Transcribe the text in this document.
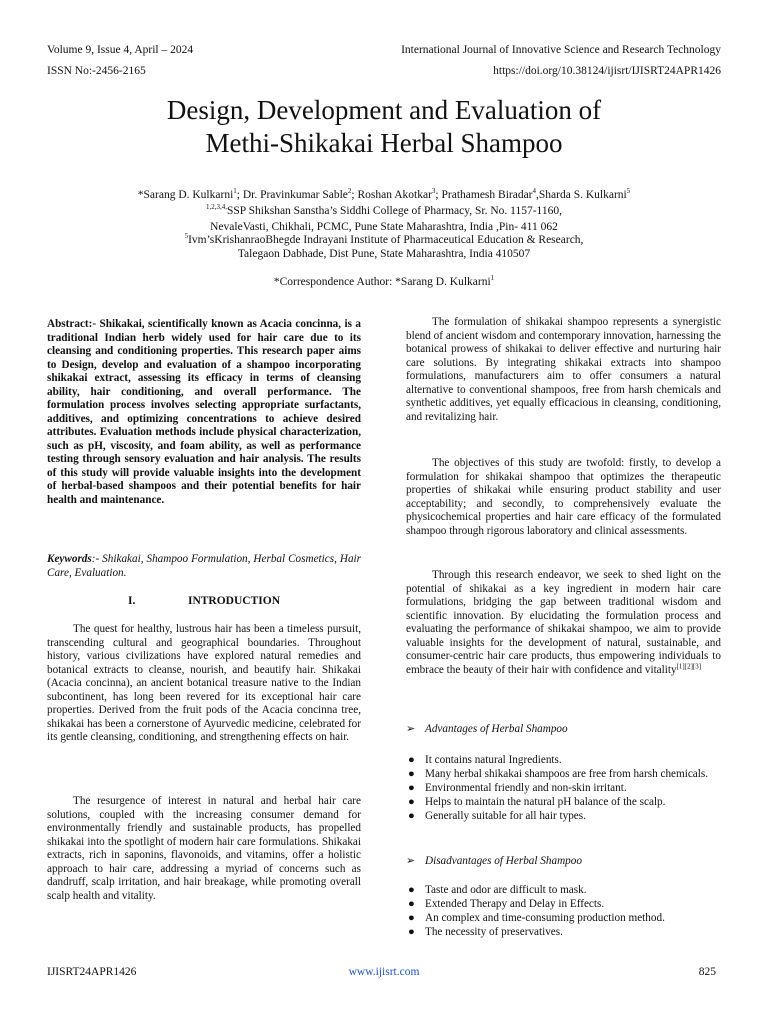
Volume 9, Issue 4, April – 2024	International Journal of Innovative Science and Research Technology
ISSN No:-2456-2165	https://doi.org/10.38124/ijisrt/IJISRT24APR1426
Design, Development and Evaluation of
Methi-Shikakai Herbal Shampoo
*Sarang D. Kulkarni$^1$; Dr. Pravinkumar Sable$^2$; Roshan Akotkar$^3$; Prathamesh Biradar$^4$,Sharda S. Kulkarni$^5$
$^{1,2,3,4,}$SSP Shikshan Sanstha’s Siddhi College of Pharmacy, Sr. No. 1157-1160,
NevaleVasti, Chikhali, PCMC, Pune State Maharashtra, India ,Pin- 411 062
$^5$Ivm’sKrishanraoBhegde Indrayani Institute of Pharmaceutical Education & Research,
Talegaon Dabhade, Dist Pune, State Maharashtra, India 410507
*Correspondence Author: *Sarang D. Kulkarni$^1$
Abstract:- Shikakai, scientifically known as Acacia concinna, is a traditional Indian herb widely used for hair care due to its cleansing and conditioning properties. This research paper aims to Design, develop and evaluation of a shampoo incorporating shikakai extract, assessing its efficacy in terms of cleansing ability, hair conditioning, and overall performance. The formulation process involves selecting appropriate surfactants, additives, and optimizing concentrations to achieve desired attributes. Evaluation methods include physical characterization, such as pH, viscosity, and foam ability, as well as performance testing through sensory evaluation and hair analysis. The results of this study will provide valuable insights into the development of herbal-based shampoos and their potential benefits for hair health and maintenance.
Keywords:- Shikakai, Shampoo Formulation, Herbal Cosmetics, Hair Care, Evaluation.
I.	INTRODUCTION

The quest for healthy, lustrous hair has been a timeless pursuit, transcending cultural and geographical boundaries. Throughout history, various civilizations have explored natural remedies and botanical extracts to cleanse, nourish, and beautify hair. Shikakai (Acacia concinna), an ancient botanical treasure native to the Indian subcontinent, has long been revered for its exceptional hair care properties. Derived from the fruit pods of the Acacia concinna tree, shikakai has been a cornerstone of Ayurvedic medicine, celebrated for its gentle cleansing, conditioning, and strengthening effects on hair.

The resurgence of interest in natural and herbal hair care solutions, coupled with the increasing consumer demand for environmentally friendly and sustainable products, has propelled shikakai into the spotlight of modern hair care formulations. Shikakai extracts, rich in saponins, flavonoids, and vitamins, offer a holistic approach to hair care, addressing a myriad of concerns such as dandruff, scalp irritation, and hair breakage, while promoting overall scalp health and vitality.

The formulation of shikakai shampoo represents a synergistic blend of ancient wisdom and contemporary innovation, harnessing the botanical prowess of shikakai to deliver effective and nurturing hair care solutions. By integrating shikakai extracts into shampoo formulations, manufacturers aim to offer consumers a natural alternative to conventional shampoos, free from harsh chemicals and synthetic additives, yet equally efficacious in cleansing, conditioning, and revitalizing hair.

The objectives of this study are twofold: firstly, to develop a formulation for shikakai shampoo that optimizes the therapeutic properties of shikakai while ensuring product stability and user acceptability; and secondly, to comprehensively evaluate the physicochemical properties and hair care efficacy of the formulated shampoo through rigorous laboratory and clinical assessments.

Through this research endeavor, we seek to shed light on the potential of shikakai as a key ingredient in modern hair care formulations, bridging the gap between traditional wisdom and scientific innovation. By elucidating the formulation process and evaluating the performance of shikakai shampoo, we aim to provide valuable insights for the development of natural, sustainable, and consumer-centric hair care products, thus empowering individuals to embrace the beauty of their hair with confidence and vitality[1][2][3]

➢ Advantages of Herbal Shampoo
● It contains natural Ingredients.
● Many herbal shikakai shampoos are free from harsh chemicals.
● Environmental friendly and non-skin irritant.
● Helps to maintain the natural pH balance of the scalp.
● Generally suitable for all hair types.
➢ Disadvantages of Herbal Shampoo
● Taste and odor are difficult to mask.
● Extended Therapy and Delay in Effects.
● An complex and time-consuming production method.
● The necessity of preservatives.
IJISRT24APR1426	www.ijisrt.com	825
